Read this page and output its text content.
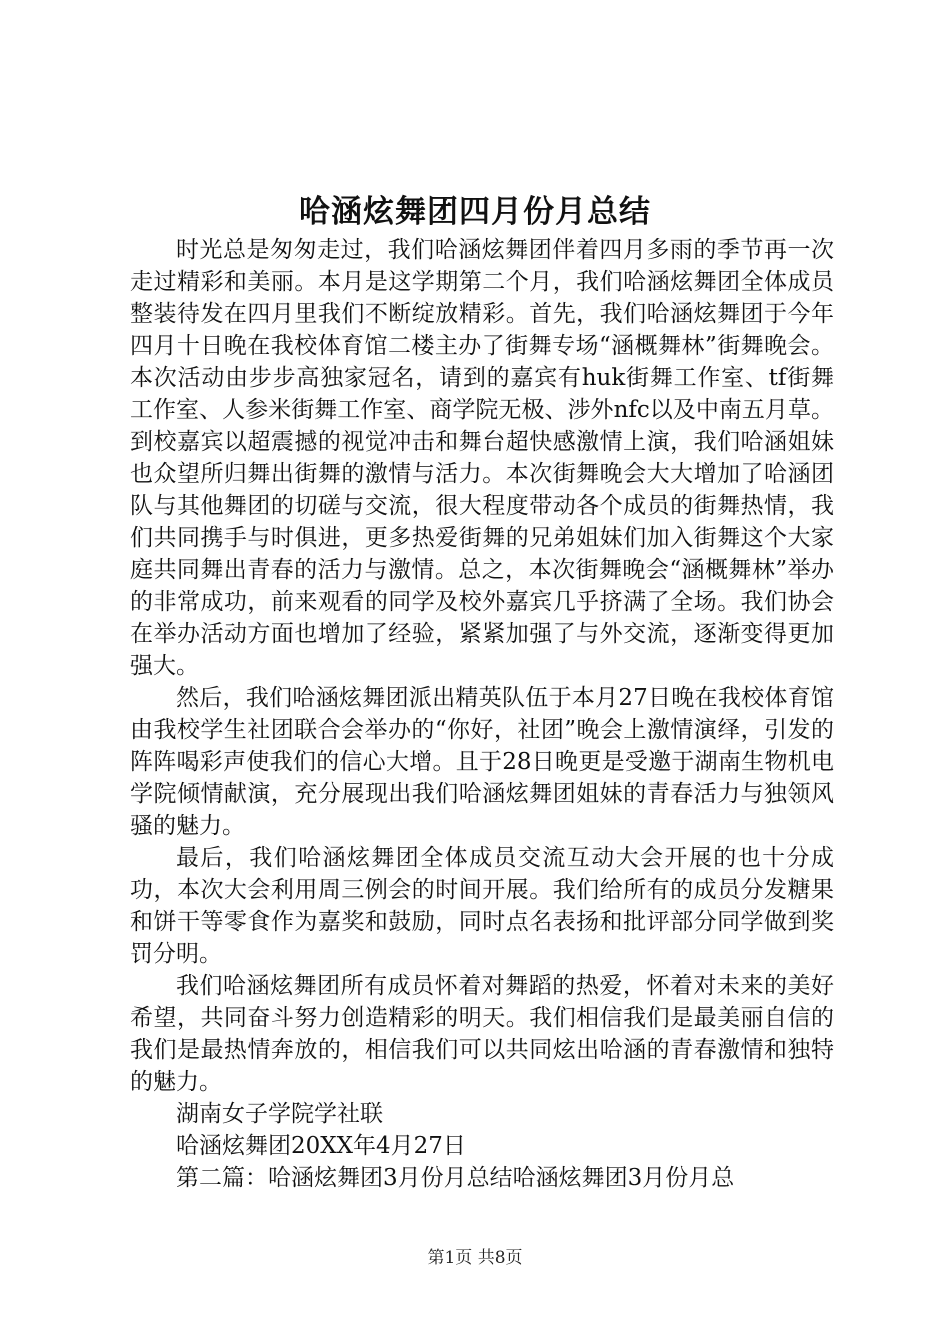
哈涵炫舞团四月份月总结

时光总是匆匆走过，我们哈涵炫舞团伴着四月多雨的季节再一次走过精彩和美丽。本月是这学期第二个月，我们哈涵炫舞团全体成员整装待发在四月里我们不断绽放精彩。首先，我们哈涵炫舞团于今年四月十日晚在我校体育馆二楼主办了街舞专场“涵概舞林”街舞晚会。本次活动由步步高独家冠名，请到的嘉宾有huk街舞工作室、tf街舞工作室、人参米街舞工作室、商学院无极、涉外nfc以及中南五月草。到校嘉宾以超震撼的视觉冲击和舞台超快感激情上演，我们哈涵姐妹也众望所归舞出街舞的激情与活力。本次街舞晚会大大增加了哈涵团队与其他舞团的切磋与交流，很大程度带动各个成员的街舞热情，我们共同携手与时俱进，更多热爱街舞的兄弟姐妹们加入街舞这个大家庭共同舞出青春的活力与激情。总之，本次街舞晚会“涵概舞林”举办的非常成功，前来观看的同学及校外嘉宾几乎挤满了全场。我们协会在举办活动方面也增加了经验，紧紧加强了与外交流，逐渐变得更加强大。

然后，我们哈涵炫舞团派出精英队伍于本月27日晚在我校体育馆由我校学生社团联合会举办的“你好，社团”晚会上激情演绎，引发的阵阵喝彩声使我们的信心大增。且于28日晚更是受邀于湖南生物机电学院倾情献演，充分展现出我们哈涵炫舞团姐妹的青春活力与独领风骚的魅力。

最后，我们哈涵炫舞团全体成员交流互动大会开展的也十分成功，本次大会利用周三例会的时间开展。我们给所有的成员分发糖果和饼干等零食作为嘉奖和鼓励，同时点名表扬和批评部分同学做到奖罚分明。

我们哈涵炫舞团所有成员怀着对舞蹈的热爱，怀着对未来的美好希望，共同奋斗努力创造精彩的明天。我们相信我们是最美丽自信的我们是最热情奔放的，相信我们可以共同炫出哈涵的青春激情和独特的魅力。

湖南女子学院学社联

哈涵炫舞团20XX年4月27日

第二篇：哈涵炫舞团3月份月总结哈涵炫舞团3月份月总

第1页 共8页
